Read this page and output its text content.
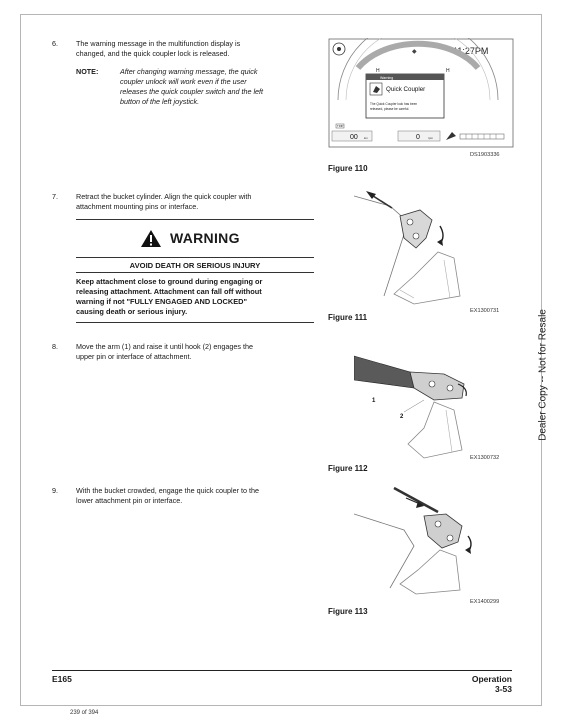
6.	The warning message in the multifunction display is
changed, and the quick coupler lock is released.
NOTE:	After changing warning message, the quick
coupler unlock will work even if the user
releases the quick coupler switch and the left
button of the left joystick.
7.	Retract the bucket cylinder. Align the quick coupler with
attachment mounting pins or interface.
WARNING
AVOID DEATH OR SERIOUS INJURY
Keep attachment close to ground during engaging or
releasing attachment. Attachment can fall off without
warning if not "FULLY ENGAGED AND LOCKED"
causing death or serious injury.
8.	Move the arm (1) and raise it until hook (2) engages the
upper pin or interface of attachment.
9.	With the bucket crowded, engage the quick coupler to the
lower attachment pin or interface.
◆	11:27PM
H	H
Warning
Quick Coupler
The Quick Coupler lock has been
released, please be careful.
TRIP
00 km	0	rpm
DS1903336
Figure 110
EX1300731
Figure 111
1
2
EX1300732
Figure 112
EX1400299
Figure 113
Dealer Copy -- Not for Resale
E165	Operation
3-53
239 of 394
